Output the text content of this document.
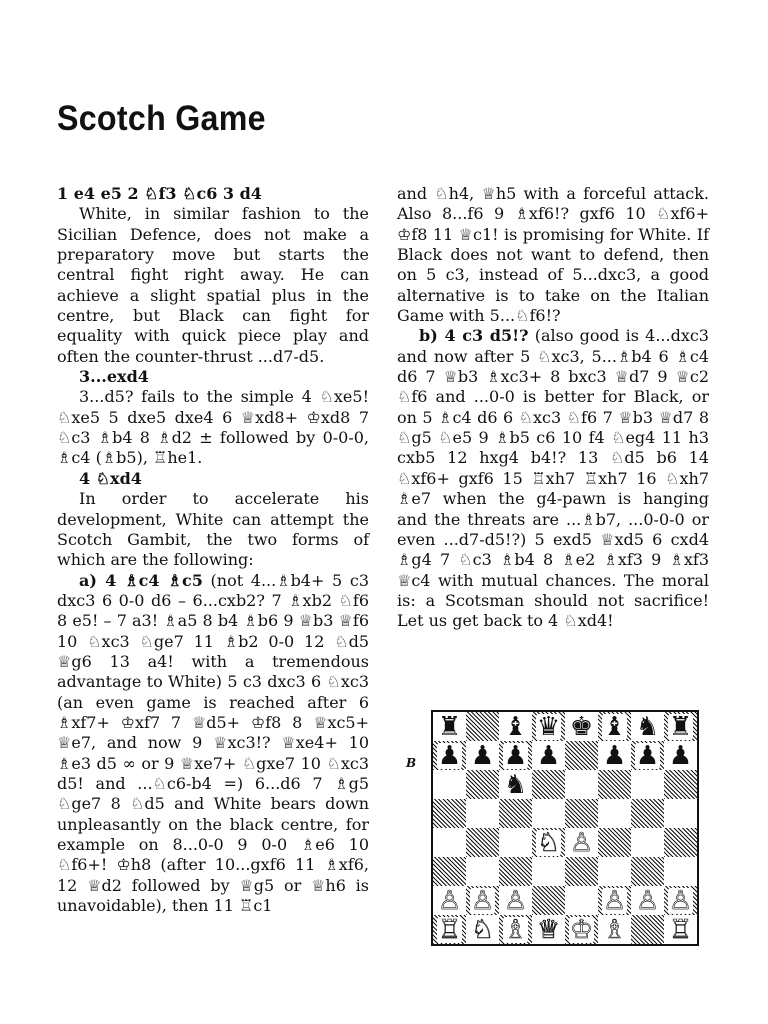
Scotch Game

1 e4 e5 2 ♘f3 ♘c6 3 d4

White, in similar fashion to the Sicilian Defence, does not make a preparatory move but starts the central fight right away. He can achieve a slight spatial plus in the centre, but Black can fight for equality with quick piece play and often the counter-thrust ...d7-d5.

3...exd4

3...d5? fails to the simple 4 ♘xe5! ♘xe5 5 dxe5 dxe4 6 ♕xd8+ ♔xd8 7 ♘c3 ♗b4 8 ♗d2 ± followed by 0-0-0, ♗c4 (♗b5), ♖he1.

4 ♘xd4

In order to accelerate his development, White can attempt the Scotch Gambit, the two forms of which are the following:

a) 4 ♗c4 ♗c5 (not 4...♗b4+ 5 c3 dxc3 6 0-0 d6 – 6...cxb2? 7 ♗xb2 ♘f6 8 e5! – 7 a3! ♗a5 8 b4 ♗b6 9 ♕b3 ♕f6 10 ♘xc3 ♘ge7 11 ♗b2 0-0 12 ♘d5 ♕g6 13 a4! with a tremendous advantage to White) 5 c3 dxc3 6 ♘xc3 (an even game is reached after 6 ♗xf7+ ♔xf7 7 ♕d5+ ♔f8 8 ♕xc5+ ♕e7, and now 9 ♕xc3!? ♕xe4+ 10 ♗e3 d5 ∞ or 9 ♕xe7+ ♘gxe7 10 ♘xc3 d5! and ...♘c6-b4 =) 6...d6 7 ♗g5 ♘ge7 8 ♘d5 and White bears down unpleasantly on the black centre, for example on 8...0-0 9 0-0 ♗e6 10 ♘f6+! ♔h8 (after 10...gxf6 11 ♗xf6, 12 ♕d2 followed by ♕g5 or ♕h6 is unavoidable), then 11 ♖c1

and ♘h4, ♕h5 with a forceful attack. Also 8...f6 9 ♗xf6!? gxf6 10 ♘xf6+ ♔f8 11 ♕c1! is promising for White. If Black does not want to defend, then on 5 c3, instead of 5...dxc3, a good alternative is to take on the Italian Game with 5...♘f6!?

b) 4 c3 d5!? (also good is 4...dxc3 and now after 5 ♘xc3, 5...♗b4 6 ♗c4 d6 7 ♕b3 ♗xc3+ 8 bxc3 ♕d7 9 ♕c2 ♘f6 and ...0-0 is better for Black, or on 5 ♗c4 d6 6 ♘xc3 ♘f6 7 ♕b3 ♕d7 8 ♘g5 ♘e5 9 ♗b5 c6 10 f4 ♘eg4 11 h3 cxb5 12 hxg4 b4!? 13 ♘d5 b6 14 ♘xf6+ gxf6 15 ♖xh7 ♖xh7 16 ♘xh7 ♗e7 when the g4-pawn is hanging and the threats are ...♗b7, ...0-0-0 or even ...d7-d5!?) 5 exd5 ♕xd5 6 cxd4 ♗g4 7 ♘c3 ♗b4 8 ♗e2 ♗xf3 9 ♗xf3 ♕c4 with mutual chances. The moral is: a Scotsman should not sacrifice! Let us get back to 4 ♘xd4!

B
♜ ♝ ♛ ♚ ♝ ♞ ♜
♟ ♟ ♟ ♟ ♟ ♟ ♟
♞
♘ ♙
♙ ♙ ♙	♙ ♙ ♙
♖ ♘ ♗ ♕ ♔ ♗ ♖
